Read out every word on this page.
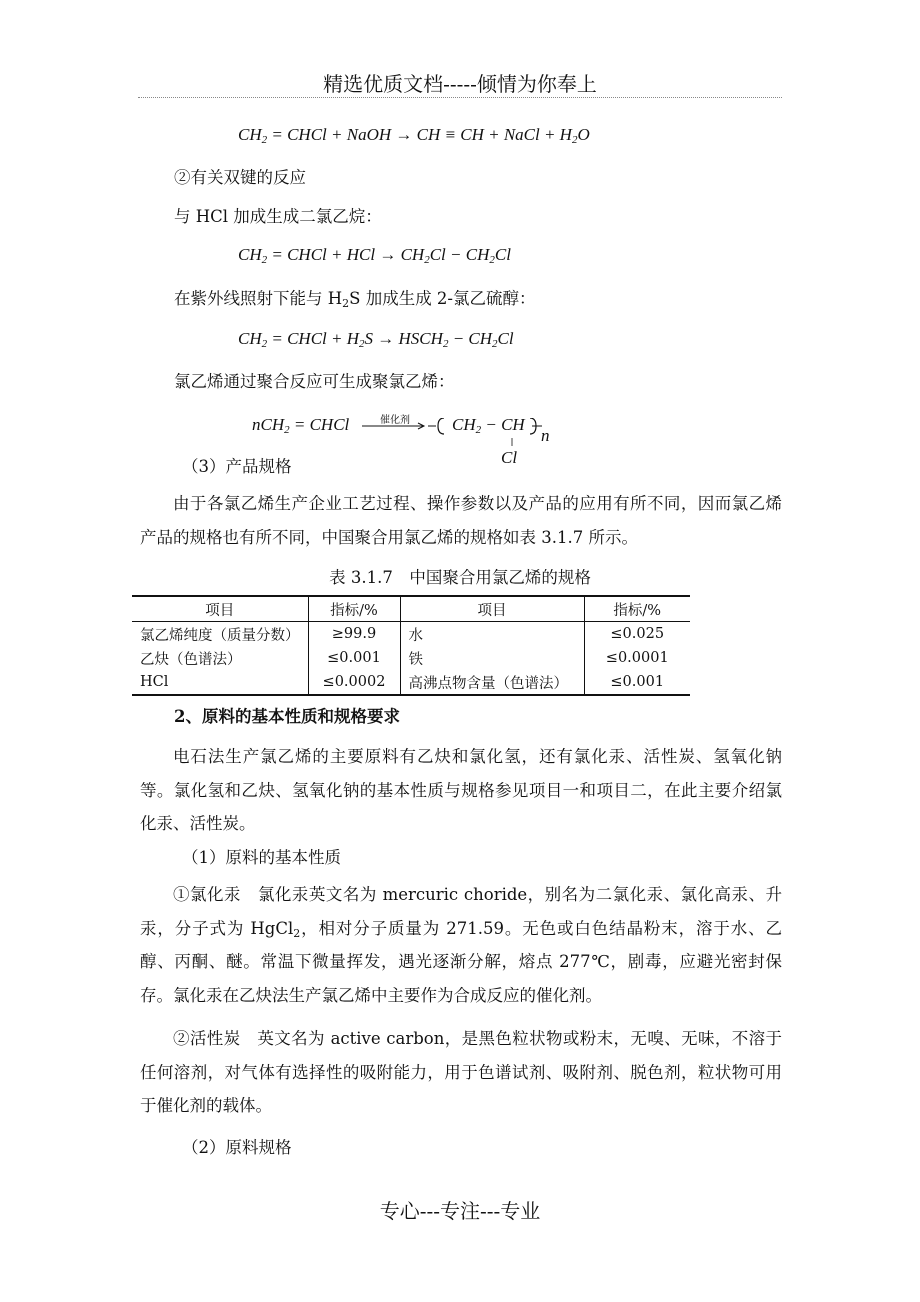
精选优质文档-----倾情为你奉上
$CH_2$ = CHCl + NaOH → CH ≡ CH + NaCl + $H_2O$
②有关双键的反应
与 HCl 加成生成二氯乙烷：
$CH_2$ = CHCl + HCl → $CH_2Cl - CH_2Cl$
在紫外线照射下能与 $H_2S$ 加成生成 2-氯乙硫醇：
$CH_2$ = CHCl + $H_2S$ → $HSCH_2 - CH_2Cl$
氯乙烯通过聚合反应可生成聚氯乙烯：
nCH$_2$ = CHCl	催化剂 $CH_2$ − CH
n
Cl
（3）产品规格
由于各氯乙烯生产企业工艺过程、操作参数以及产品的应用有所不同，因而氯乙烯产品的规格也有所不同，中国聚合用氯乙烯的规格如表 3.1.7 所示。
表 3.1.7　中国聚合用氯乙烯的规格
项目	指标/%	项目	指标/%
氯乙烯纯度（质量分数）	≥99.9	水	≤0.025
乙炔（色谱法）	≤0.001	铁	≤0.0001
HCl	≤0.0002	高沸点物含量（色谱法）	≤0.001
2、原料的基本性质和规格要求
电石法生产氯乙烯的主要原料有乙炔和氯化氢，还有氯化汞、活性炭、氢氧化钠等。氯化氢和乙炔、氢氧化钠的基本性质与规格参见项目一和项目二，在此主要介绍氯化汞、活性炭。
（1）原料的基本性质
①氯化汞　氯化汞英文名为 mercuric choride，别名为二氯化汞、氯化高汞、升汞，分子式为 HgCl$_2$，相对分子质量为 271.59。无色或白色结晶粉末，溶于水、乙醇、丙酮、醚。常温下微量挥发，遇光逐渐分解，熔点 277℃，剧毒，应避光密封保存。氯化汞在乙炔法生产氯乙烯中主要作为合成反应的催化剂。
②活性炭　英文名为 active carbon，是黑色粒状物或粉末，无嗅、无味，不溶于任何溶剂，对气体有选择性的吸附能力，用于色谱试剂、吸附剂、脱色剂，粒状物可用于催化剂的载体。
（2）原料规格
专心---专注---专业
